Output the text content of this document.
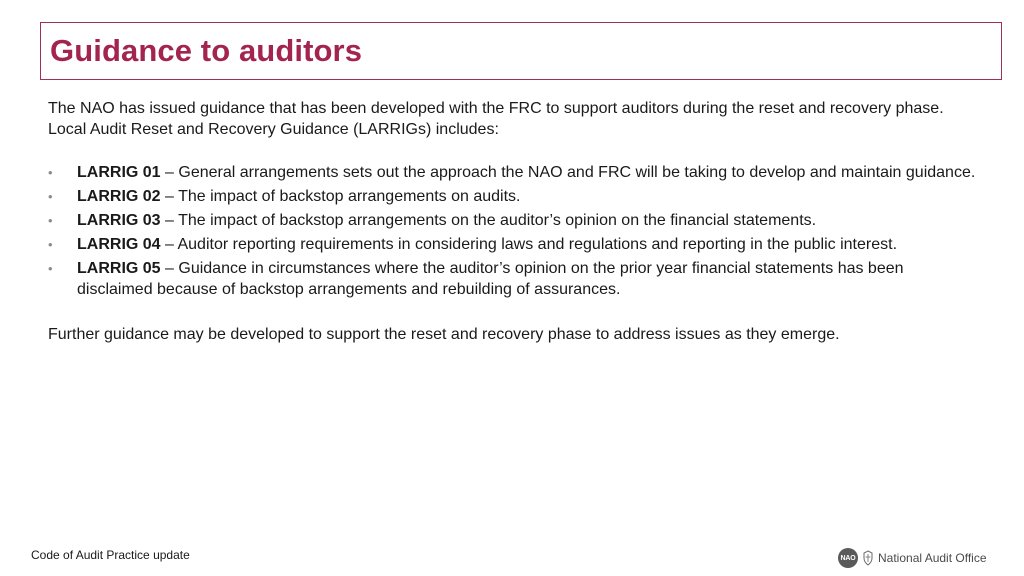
Guidance to auditors

The NAO has issued guidance that has been developed with the FRC to support auditors during the reset and recovery phase. Local Audit Reset and Recovery Guidance (LARRIGs) includes:

• LARRIG 01 – General arrangements sets out the approach the NAO and FRC will be taking to develop and maintain guidance.
• LARRIG 02 – The impact of backstop arrangements on audits.
• LARRIG 03 – The impact of backstop arrangements on the auditor’s opinion on the financial statements.
• LARRIG 04 – Auditor reporting requirements in considering laws and regulations and reporting in the public interest.
• LARRIG 05 – Guidance in circumstances where the auditor’s opinion on the prior year financial statements has been disclaimed because of backstop arrangements and rebuilding of assurances.

Further guidance may be developed to support the reset and recovery phase to address issues as they emerge.

Code of Audit Practice update	NAO National Audit Office
